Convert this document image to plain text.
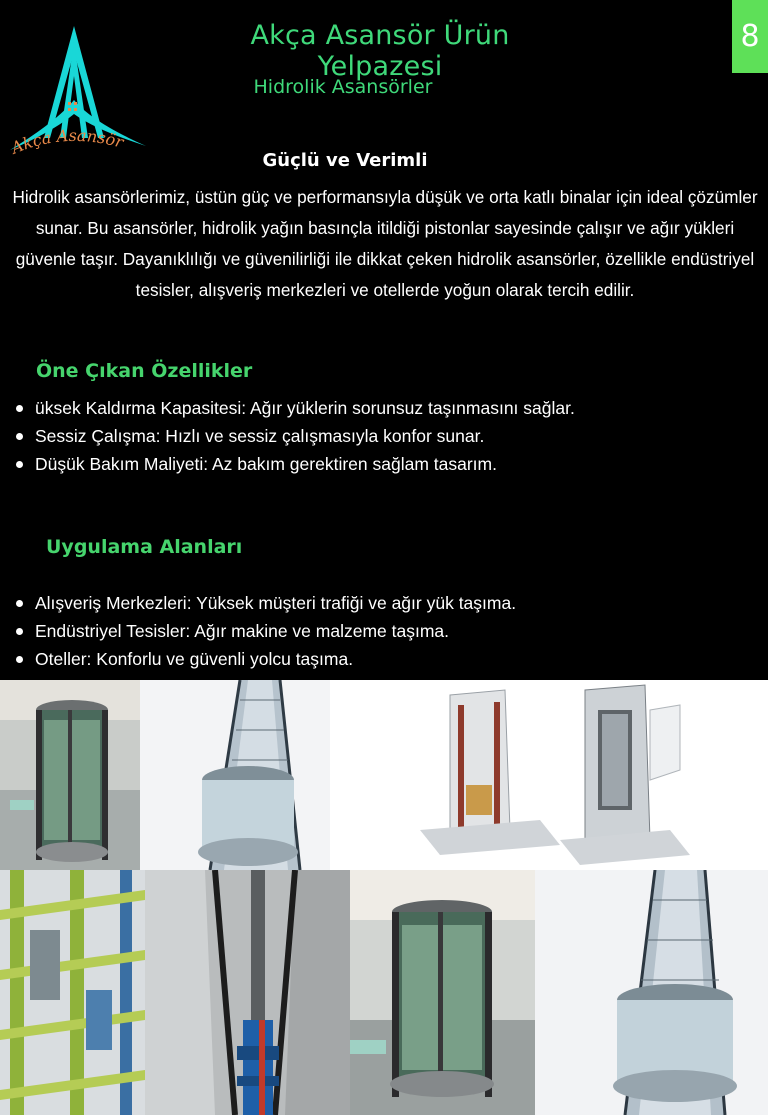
Akça Asansör
Akça Asansör Ürün Yelpazesi
Hidrolik Asansörler
8
Güçlü ve Verimli

Hidrolik asansörlerimiz, üstün güç ve performansıyla düşük ve orta katlı binalar için ideal çözümler sunar. Bu asansörler, hidrolik yağın basınçla itildiği pistonlar sayesinde çalışır ve ağır yükleri güvenle taşır. Dayanıklılığı ve güvenilirliği ile dikkat çeken hidrolik asansörler, özellikle endüstriyel tesisler, alışveriş merkezleri ve otellerde yoğun olarak tercih edilir.

Öne Çıkan Özellikler
üksek Kaldırma Kapasitesi: Ağır yüklerin sorunsuz taşınmasını sağlar.
Sessiz Çalışma: Hızlı ve sessiz çalışmasıyla konfor sunar.
Düşük Bakım Maliyeti: Az bakım gerektiren sağlam tasarım.
Uygulama Alanları
Alışveriş Merkezleri: Yüksek müşteri trafiği ve ağır yük taşıma.
Endüstriyel Tesisler: Ağır makine ve malzeme taşıma.
Oteller: Konforlu ve güvenli yolcu taşıma.
